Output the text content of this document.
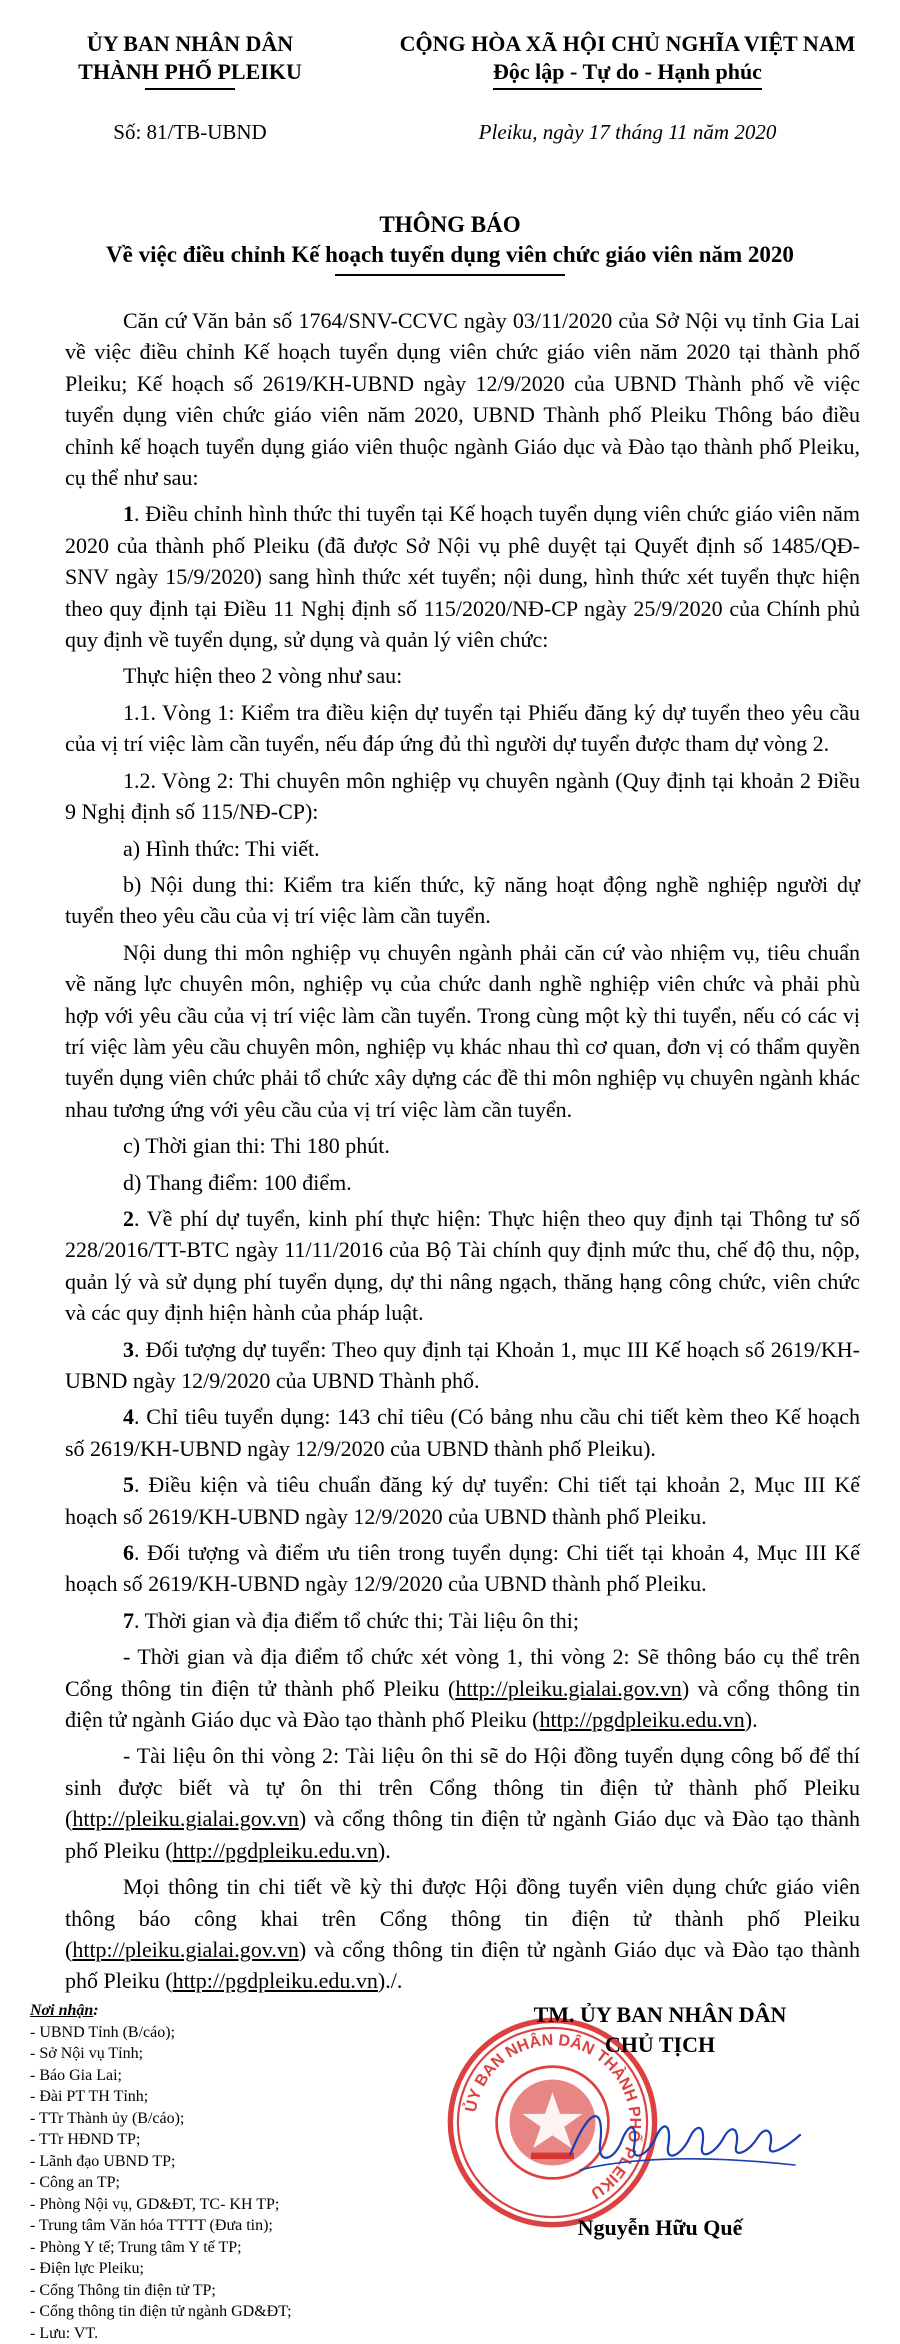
ỦY BAN NHÂN DÂN
THÀNH PHỐ PLEIKU
CỘNG HÒA XÃ HỘI CHỦ NGHĨA VIỆT NAM
Độc lập - Tự do - Hạnh phúc
Số: 81/TB-UBND	Pleiku, ngày 17 tháng 11 năm 2020
THÔNG BÁO
Về việc điều chỉnh Kế hoạch tuyển dụng viên chức giáo viên năm 2020

Căn cứ Văn bản số 1764/SNV-CCVC ngày 03/11/2020 của Sở Nội vụ tỉnh Gia Lai về việc điều chỉnh Kế hoạch tuyển dụng viên chức giáo viên năm 2020 tại thành phố Pleiku; Kế hoạch số 2619/KH-UBND ngày 12/9/2020 của UBND Thành phố về việc tuyển dụng viên chức giáo viên năm 2020, UBND Thành phố Pleiku Thông báo điều chỉnh kế hoạch tuyển dụng giáo viên thuộc ngành Giáo dục và Đào tạo thành phố Pleiku, cụ thể như sau:

1. Điều chỉnh hình thức thi tuyển tại Kế hoạch tuyển dụng viên chức giáo viên năm 2020 của thành phố Pleiku (đã được Sở Nội vụ phê duyệt tại Quyết định số 1485/QĐ-SNV ngày 15/9/2020) sang hình thức xét tuyển; nội dung, hình thức xét tuyển thực hiện theo quy định tại Điều 11 Nghị định số 115/2020/NĐ-CP ngày 25/9/2020 của Chính phủ quy định về tuyển dụng, sử dụng và quản lý viên chức:

Thực hiện theo 2 vòng như sau:

1.1. Vòng 1: Kiểm tra điều kiện dự tuyển tại Phiếu đăng ký dự tuyển theo yêu cầu của vị trí việc làm cần tuyển, nếu đáp ứng đủ thì người dự tuyển được tham dự vòng 2.

1.2. Vòng 2: Thi chuyên môn nghiệp vụ chuyên ngành (Quy định tại khoản 2 Điều 9 Nghị định số 115/NĐ-CP):

a) Hình thức: Thi viết.

b) Nội dung thi: Kiểm tra kiến thức, kỹ năng hoạt động nghề nghiệp người dự tuyển theo yêu cầu của vị trí việc làm cần tuyển.

Nội dung thi môn nghiệp vụ chuyên ngành phải căn cứ vào nhiệm vụ, tiêu chuẩn về năng lực chuyên môn, nghiệp vụ của chức danh nghề nghiệp viên chức và phải phù hợp với yêu cầu của vị trí việc làm cần tuyển. Trong cùng một kỳ thi tuyển, nếu có các vị trí việc làm yêu cầu chuyên môn, nghiệp vụ khác nhau thì cơ quan, đơn vị có thẩm quyền tuyển dụng viên chức phải tổ chức xây dựng các đề thi môn nghiệp vụ chuyên ngành khác nhau tương ứng với yêu cầu của vị trí việc làm cần tuyển.

c) Thời gian thi: Thi 180 phút.

d) Thang điểm: 100 điểm.

2. Về phí dự tuyển, kinh phí thực hiện: Thực hiện theo quy định tại Thông tư số 228/2016/TT-BTC ngày 11/11/2016 của Bộ Tài chính quy định mức thu, chế độ thu, nộp, quản lý và sử dụng phí tuyển dụng, dự thi nâng ngạch, thăng hạng công chức, viên chức và các quy định hiện hành của pháp luật.

3. Đối tượng dự tuyển: Theo quy định tại Khoản 1, mục III Kế hoạch số 2619/KH-UBND ngày 12/9/2020 của UBND Thành phố.

4. Chỉ tiêu tuyển dụng: 143 chỉ tiêu (Có bảng nhu cầu chi tiết kèm theo Kế hoạch số 2619/KH-UBND ngày 12/9/2020 của UBND thành phố Pleiku).

5. Điều kiện và tiêu chuẩn đăng ký dự tuyển: Chi tiết tại khoản 2, Mục III Kế hoạch số 2619/KH-UBND ngày 12/9/2020 của UBND thành phố Pleiku.

6. Đối tượng và điểm ưu tiên trong tuyển dụng: Chi tiết tại khoản 4, Mục III Kế hoạch số 2619/KH-UBND ngày 12/9/2020 của UBND thành phố Pleiku.

7. Thời gian và địa điểm tổ chức thi; Tài liệu ôn thi;

- Thời gian và địa điểm tổ chức xét vòng 1, thi vòng 2: Sẽ thông báo cụ thể trên Cổng thông tin điện tử thành phố Pleiku (http://pleiku.gialai.gov.vn) và cổng thông tin điện tử ngành Giáo dục và Đào tạo thành phố Pleiku (http://pgdpleiku.edu.vn).

- Tài liệu ôn thi vòng 2: Tài liệu ôn thi sẽ do Hội đồng tuyển dụng công bố để thí sinh được biết và tự ôn thi trên Cổng thông tin điện tử thành phố Pleiku (http://pleiku.gialai.gov.vn) và cổng thông tin điện tử ngành Giáo dục và Đào tạo thành phố Pleiku (http://pgdpleiku.edu.vn).

Mọi thông tin chi tiết về kỳ thi được Hội đồng tuyển viên dụng chức giáo viên thông báo công khai trên Cổng thông tin điện tử thành phố Pleiku (http://pleiku.gialai.gov.vn) và cổng thông tin điện tử ngành Giáo dục và Đào tạo thành phố Pleiku (http://pgdpleiku.edu.vn)./.

Nơi nhận:
- UBND Tỉnh (B/cáo);
- Sở Nội vụ Tỉnh;
- Báo Gia Lai;
- Đài PT TH Tỉnh;
- TTr Thành ủy (B/cáo);
- TTr HĐND TP;
- Lãnh đạo UBND TP;
- Công an TP;
- Phòng Nội vụ, GD&ĐT, TC- KH TP;
- Trung tâm Văn hóa TTTT (Đưa tin);
- Phòng Y tế; Trung tâm Y tế TP;
- Điện lực Pleiku;
- Cổng Thông tin điện tử TP;
- Cổng thông tin điện tử ngành GD&ĐT;
- Lưu: VT.
ỦY BAN NHÂN DÂN THÀNH PHỐ PLEIKU
TM. ỦY BAN NHÂN DÂN
CHỦ TỊCH
Nguyễn Hữu Quế
